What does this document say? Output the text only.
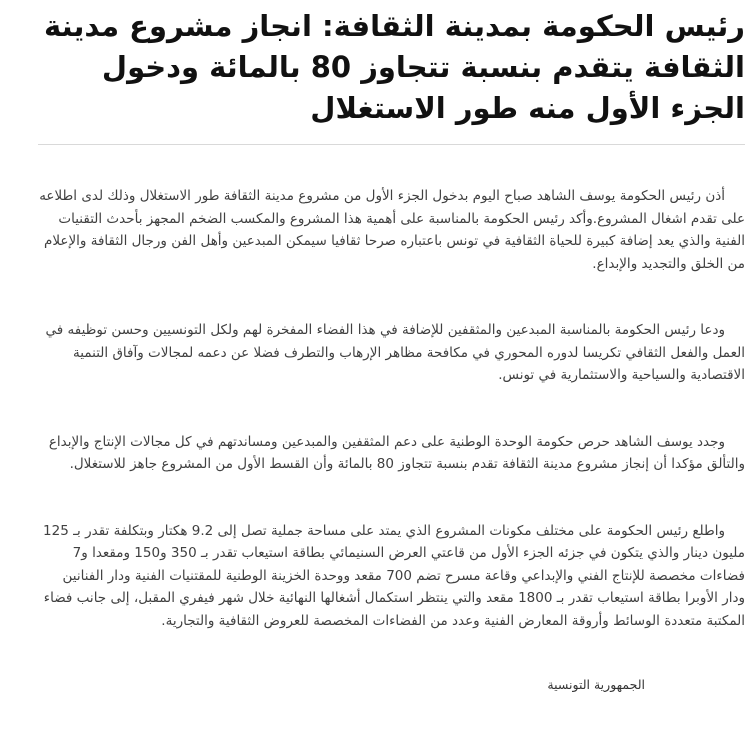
رئيس الحكومة بمدينة الثقافة: انجاز مشروع مدينة الثقافة يتقدم بنسبة تتجاوز 80 بالمائة ودخول الجزء الأول منه طور الاستغلال

أذن رئيس الحكومة يوسف الشاهد صباح اليوم بدخول الجزء الأول من مشروع مدينة الثقافة طور الاستغلال وذلك لدى اطلاعه على تقدم اشغال المشروع.وأكد رئيس الحكومة بالمناسبة على أهمية هذا المشروع والمكسب الضخم المجهز بأحدث التقنيات الفنية والذي يعد إضافة كبيرة للحياة الثقافية في تونس باعتباره صرحا ثقافيا سيمكن المبدعين وأهل الفن ورجال الثقافة والإعلام من الخلق والتجديد والإبداع.

ودعا رئيس الحكومة بالمناسبة المبدعين والمثقفين للإضافة في هذا الفضاء المفخرة لهم ولكل التونسيين وحسن توظيفه في العمل والفعل الثقافي تكريسا لدوره المحوري في مكافحة مظاهر الإرهاب والتطرف فضلا عن دعمه لمجالات وآفاق التنمية الاقتصادية والسياحية والاستثمارية في تونس.

وجدد يوسف الشاهد حرص حكومة الوحدة الوطنية على دعم المثقفين والمبدعين ومساندتهم في كل مجالات الإنتاج والإبداع والتألق مؤكدا أن إنجاز مشروع مدينة الثقافة تقدم بنسبة تتجاوز 80 بالمائة وأن القسط الأول من المشروع جاهز للاستغلال.

واطلع رئيس الحكومة على مختلف مكونات المشروع الذي يمتد على مساحة جملية تصل إلى 9.2 هكتار وبتكلفة تقدر بـ 125 مليون دينار والذي يتكون في جزئه الجزء الأول من قاعتي العرض السنيمائي بطاقة استيعاب تقدر بـ 350 و150 ومقعدا و7 فضاءات مخصصة للإنتاج الفني والإبداعي وقاعة مسرح تضم 700 مقعد ووحدة الخزينة الوطنية للمقتنيات الفنية ودار الفنانين ودار الأوبرا بطاقة استيعاب تقدر بـ 1800 مقعد والتي ينتظر استكمال أشغالها النهائية خلال شهر فيفري المقبل، إلى جانب فضاء المكتبة متعددة الوسائط وأروقة المعارض الفنية وعدد من الفضاءات المخصصة للعروض الثقافية والتجارية.

الجمهورية التونسية
